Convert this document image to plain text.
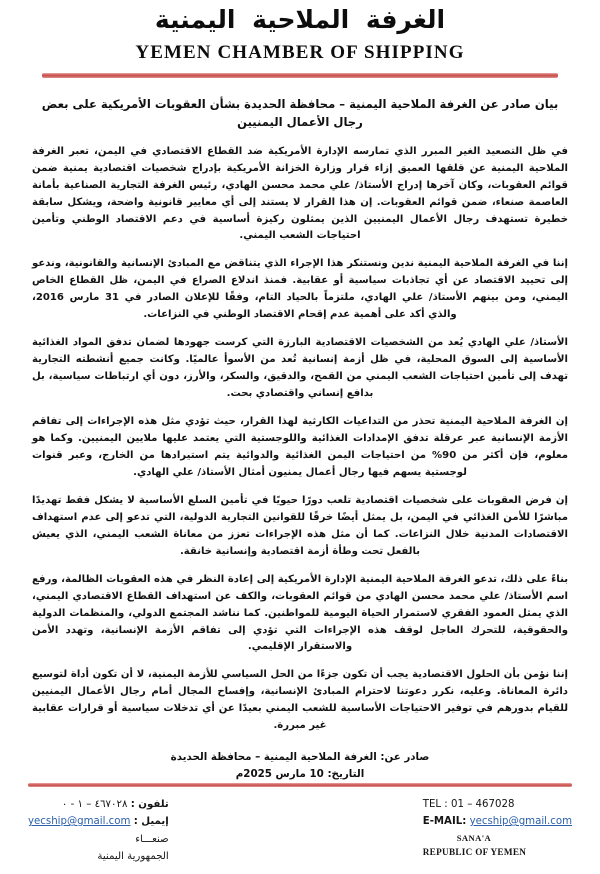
الغرفة الملاحية اليمنية
YEMEN CHAMBER OF SHIPPING
بيان صادر عن الغرفة الملاحية اليمنية – محافظة الحديدة بشأن العقوبات الأمريكية على بعض رجال الأعمال اليمنيين

في ظل التصعيد الغير المبرر الذي تمارسه الإدارة الأمريكية ضد القطاع الاقتصادي في اليمن، تعبر الغرفة الملاحية اليمنية عن قلقها العميق إزاء قرار وزارة الخزانة الأمريكية بإدراج شخصيات اقتصادية يمنية ضمن قوائم العقوبات، وكان آخرها إدراج الأستاذ/ علي محمد محسن الهادي، رئيس الغرفة التجارية الصناعية بأمانة العاصمة صنعاء، ضمن قوائم العقوبات. إن هذا القرار لا يستند إلى أي معايير قانونية واضحة، ويشكل سابقة خطيرة تستهدف رجال الأعمال اليمنيين الذين يمثلون ركيزة أساسية في دعم الاقتصاد الوطني وتأمين احتياجات الشعب اليمني.

إننا في الغرفة الملاحية اليمنية ندين ونستنكر هذا الإجراء الذي يتناقض مع المبادئ الإنسانية والقانونية، وندعو إلى تحييد الاقتصاد عن أي تجاذبات سياسية أو عقابية. فمنذ اندلاع الصراع في اليمن، ظل القطاع الخاص اليمني، ومن بينهم الأستاذ/ علي الهادي، ملتزماً بالحياد التام، وفقًا للإعلان الصادر في 31 مارس 2016، والذي أكد على أهمية عدم إقحام الاقتصاد الوطني في النزاعات.

الأستاذ/ علي الهادي يُعد من الشخصيات الاقتصادية البارزة التي كرست جهودها لضمان تدفق المواد الغذائية الأساسية إلى السوق المحلية، في ظل أزمة إنسانية تُعد من الأسوأ عالميًا. وكانت جميع أنشطته التجارية تهدف إلى تأمين احتياجات الشعب اليمني من القمح، والدقيق، والسكر، والأرز، دون أي ارتباطات سياسية، بل بدافع إنساني واقتصادي بحت.

إن الغرفة الملاحية اليمنية تحذر من التداعيات الكارثية لهذا القرار، حيث تؤدي مثل هذه الإجراءات إلى تفاقم الأزمة الإنسانية عبر عرقلة تدفق الإمدادات الغذائية واللوجستية التي يعتمد عليها ملايين اليمنيين. وكما هو معلوم، فإن أكثر من 90% من احتياجات اليمن الغذائية والدوائية يتم استيرادها من الخارج، وعبر قنوات لوجستية يسهم فيها رجال أعمال يمنيون أمثال الأستاذ/ علي الهادي.

إن فرض العقوبات على شخصيات اقتصادية تلعب دورًا حيويًا في تأمين السلع الأساسية لا يشكل فقط تهديدًا مباشرًا للأمن الغذائي في اليمن، بل يمثل أيضًا خرقًا للقوانين التجارية الدولية، التي تدعو إلى عدم استهداف الاقتصادات المدنية خلال النزاعات. كما أن مثل هذه الإجراءات تعزز من معاناة الشعب اليمني، الذي يعيش بالفعل تحت وطأة أزمة اقتصادية وإنسانية خانقة.

بناءً على ذلك، تدعو الغرفة الملاحية اليمنية الإدارة الأمريكية إلى إعادة النظر في هذه العقوبات الظالمة، ورفع اسم الأستاذ/ علي محمد محسن الهادي من قوائم العقوبات، والكف عن استهداف القطاع الاقتصادي اليمني، الذي يمثل العمود الفقري لاستمرار الحياة اليومية للمواطنين. كما نناشد المجتمع الدولي، والمنظمات الدولية والحقوقية، للتحرك العاجل لوقف هذه الإجراءات التي تؤدي إلى تفاقم الأزمة الإنسانية، وتهدد الأمن والاستقرار الإقليمي.

إننا نؤمن بأن الحلول الاقتصادية يجب أن تكون جزءًا من الحل السياسي للأزمة اليمنية، لا أن تكون أداة لتوسيع دائرة المعاناة. وعليه، نكرر دعوتنا لاحترام المبادئ الإنسانية، وإفساح المجال أمام رجال الأعمال اليمنيين للقيام بدورهم في توفير الاحتياجات الأساسية للشعب اليمني بعيدًا عن أي تدخلات سياسية أو قرارات عقابية غير مبررة.

صادر عن: الغرفة الملاحية اليمنية – محافظة الحديدة
التاريخ: 10 مارس 2025م
تلفون : ٤٦٧٠٢٨ – ١ - ٠
إيميل : yecship@gmail.com
صنعـــاء
الجمهورية اليمنية
TEL : 01 – 467028
E-MAIL: yecship@gmail.com
SANA'A
REPUBLIC OF YEMEN
